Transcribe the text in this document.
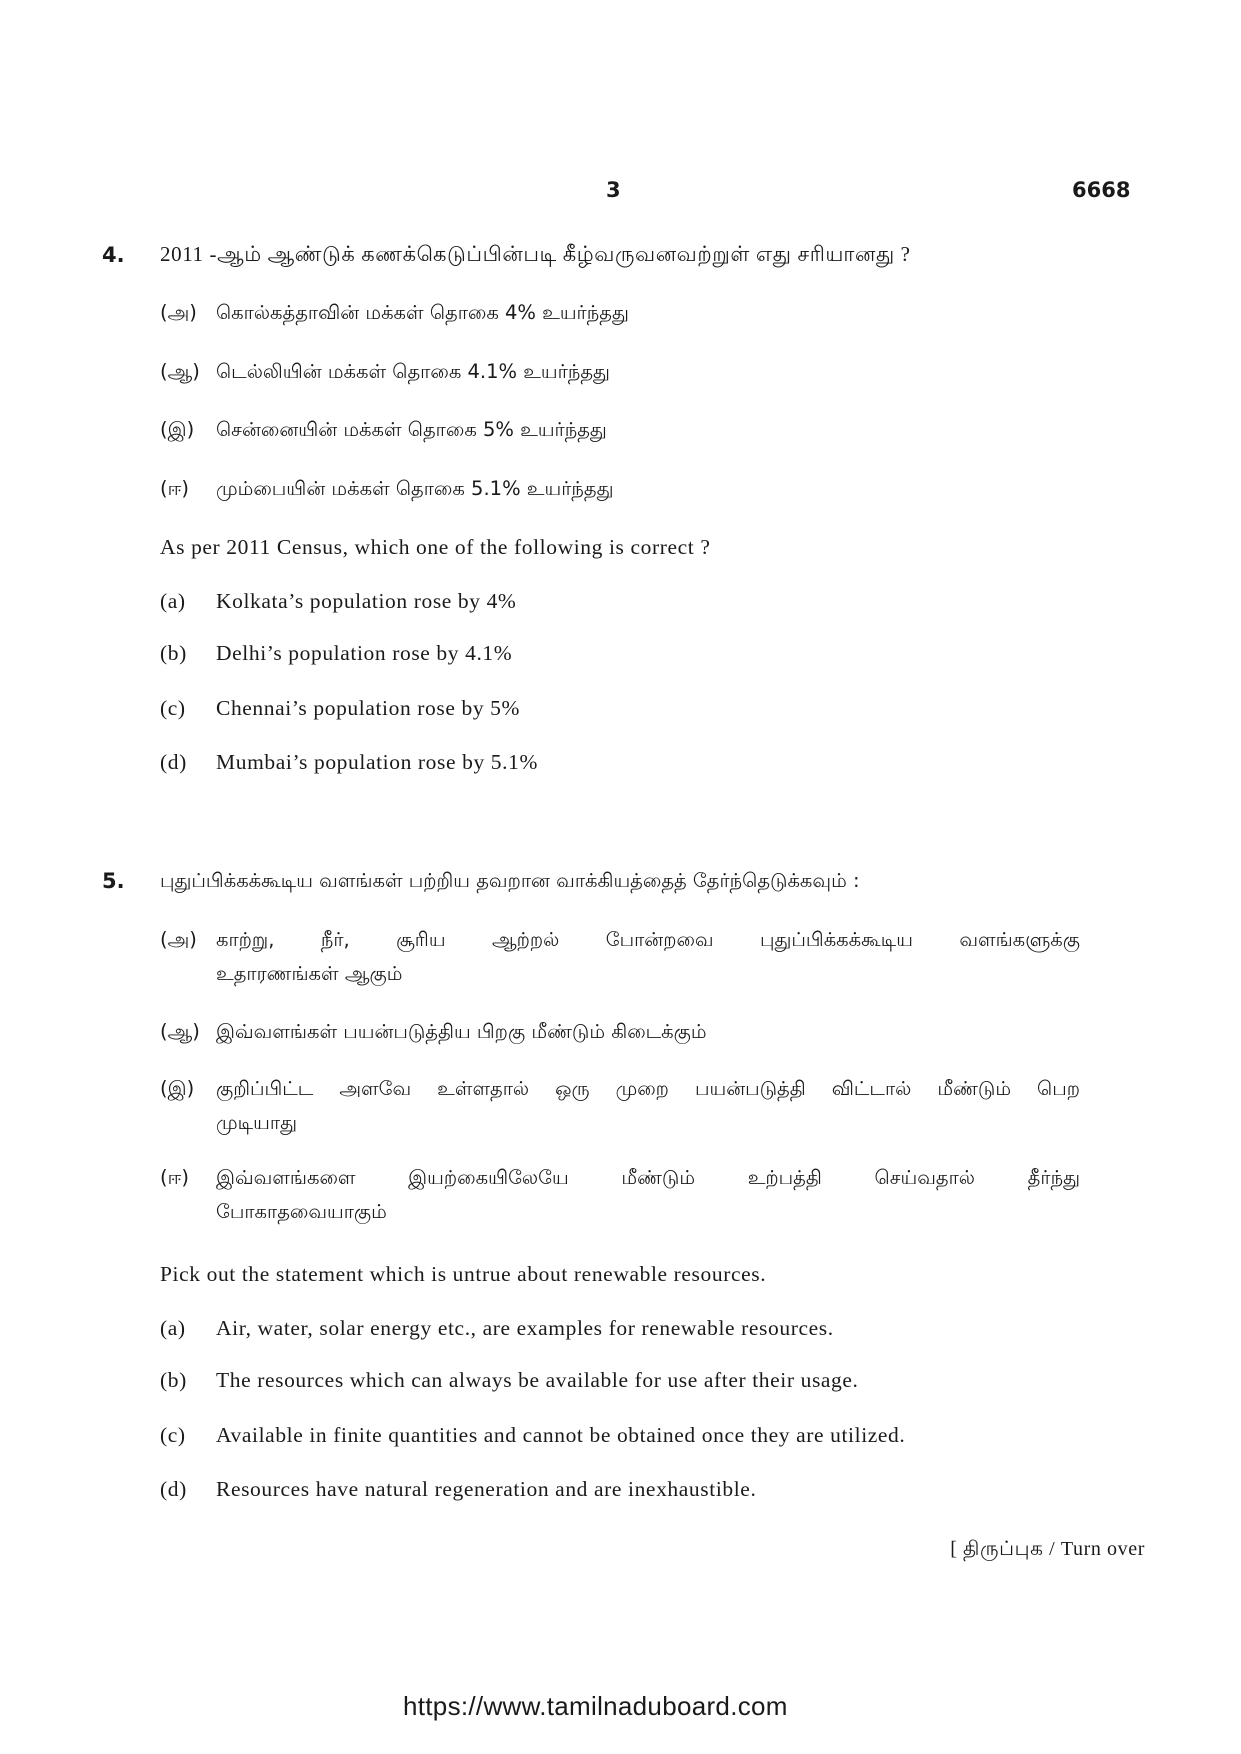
3	6668
4. 2011 -ஆம் ஆண்டுக் கணக்கெடுப்பின்படி கீழ்வருவனவற்றுள் எது சரியானது ?
(அ) கொல்கத்தாவின் மக்கள் தொகை 4% உயர்ந்தது
(ஆ) டெல்லியின் மக்கள் தொகை 4.1% உயர்ந்தது
(இ) சென்னையின் மக்கள் தொகை 5% உயர்ந்தது
(ஈ) மும்பையின் மக்கள் தொகை 5.1% உயர்ந்தது
As per 2011 Census, which one of the following is correct ?
(a) Kolkata’s population rose by 4%
(b) Delhi’s population rose by 4.1%
(c) Chennai’s population rose by 5%
(d) Mumbai’s population rose by 5.1%
5. புதுப்பிக்கக்கூடிய வளங்கள் பற்றிய தவறான வாக்கியத்தைத் தேர்ந்தெடுக்கவும் :
(அ) காற்று, நீர், சூரிய ஆற்றல் போன்றவை புதுப்பிக்கக்கூடிய வளங்களுக்கு
உதாரணங்கள் ஆகும்
(ஆ) இவ்வளங்கள் பயன்படுத்திய பிறகு மீண்டும் கிடைக்கும்
(இ)	குறிப்பிட்ட அளவே உள்ளதால் ஒரு முறை பயன்படுத்தி விட்டால் மீண்டும் பெற
முடியாது
(ஈ)	இவ்வளங்களை இயற்கையிலேயே மீண்டும் உற்பத்தி செய்வதால் தீர்ந்து
போகாதவையாகும்
Pick out the statement which is untrue about renewable resources.
(a) Air, water, solar energy etc., are examples for renewable resources.
(b) The resources which can always be available for use after their usage.
(c) Available in finite quantities and cannot be obtained once they are utilized.
(d) Resources have natural regeneration and are inexhaustible.
[ திருப்புக / Turn over
https://www.tamilnaduboard.com
